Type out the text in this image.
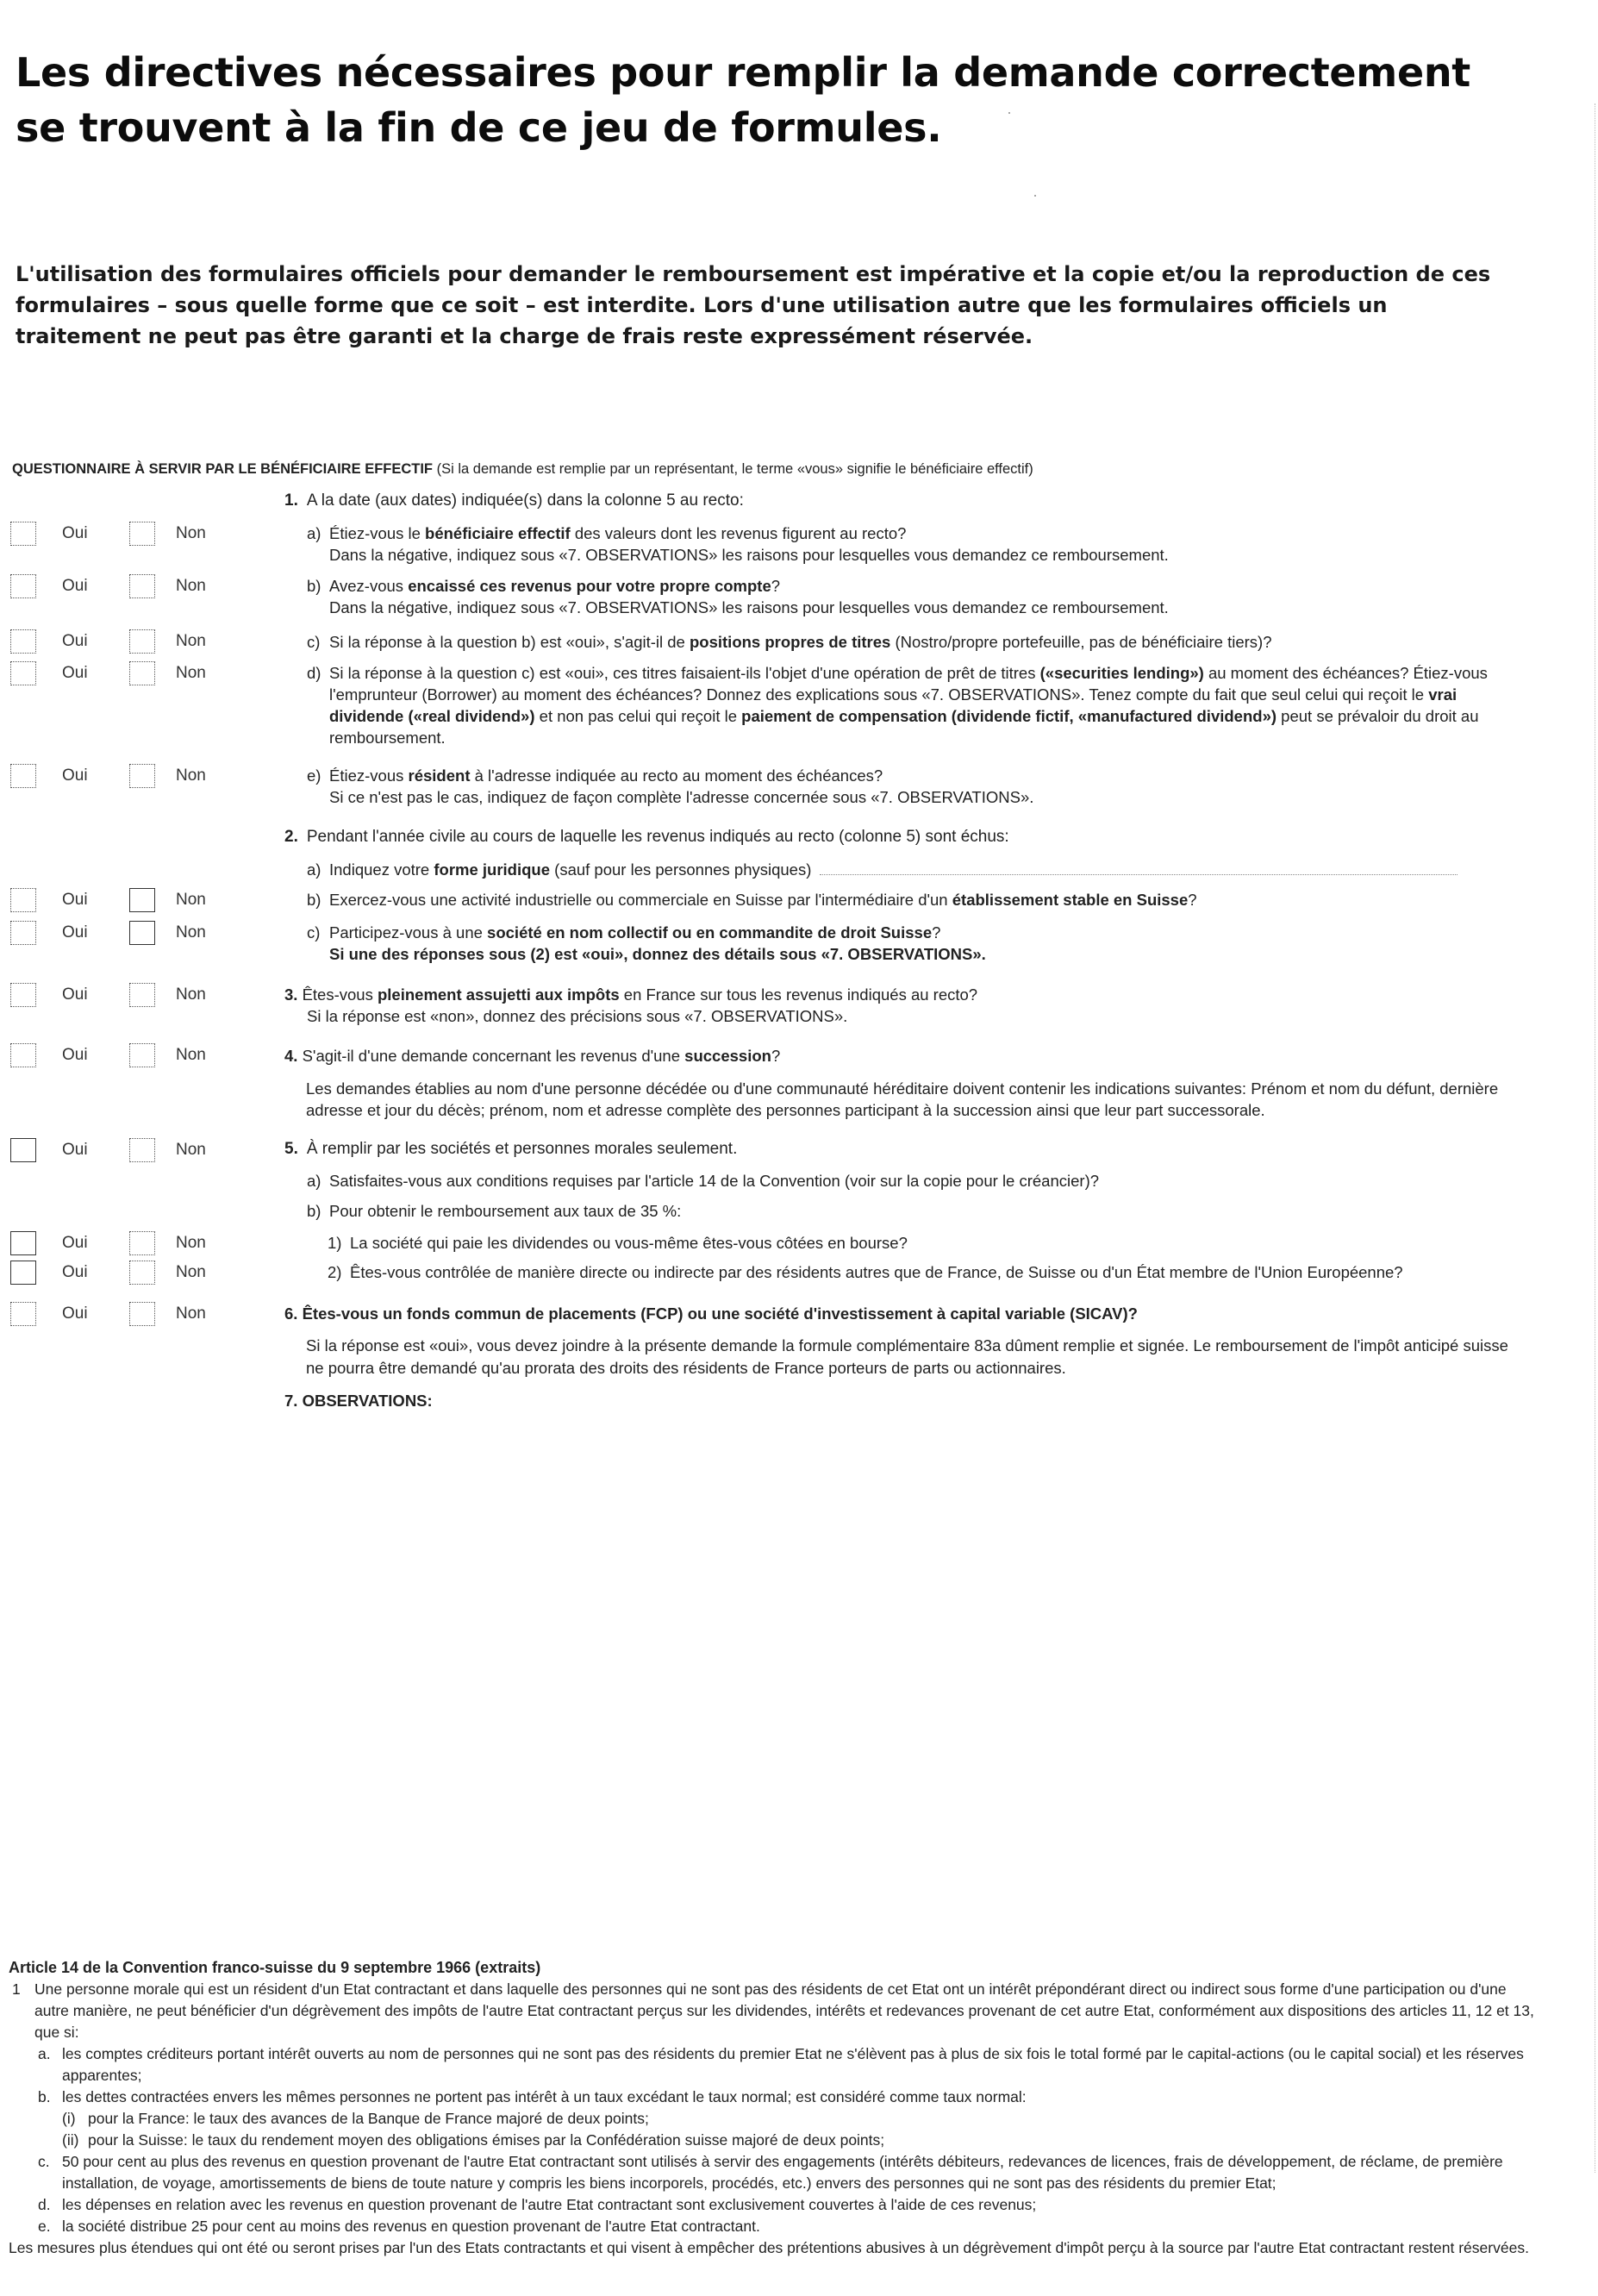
Les directives nécessaires pour remplir la demande correctement
se trouvent à la fin de ce jeu de formules.
L'utilisation des formulaires officiels pour demander le remboursement est impérative et la copie et/ou la reproduction de ces formulaires – sous quelle forme que ce soit – est interdite. Lors d'une utilisation autre que les formulaires officiels un traitement ne peut pas être garanti et la charge de frais reste expressément réservée.
QUESTIONNAIRE À SERVIR PAR LE BÉNÉFICIAIRE EFFECTIF (Si la demande est remplie par un représentant, le terme «vous» signifie le bénéficiaire effectif)
1. A la date (aux dates) indiquée(s) dans la colonne 5 au recto:
Oui	Non	a) Étiez-vous le bénéficiaire effectif des valeurs dont les revenus figurent au recto?
Dans la négative, indiquez sous «7. OBSERVATIONS» les raisons pour lesquelles vous demandez ce remboursement.
Oui	Non	b) Avez-vous encaissé ces revenus pour votre propre compte?
Dans la négative, indiquez sous «7. OBSERVATIONS» les raisons pour lesquelles vous demandez ce remboursement.
Oui	Non	c) Si la réponse à la question b) est «oui», s'agit-il de positions propres de titres (Nostro/propre portefeuille, pas de bénéficiaire tiers)?
Oui	Non	d) Si la réponse à la question c) est «oui», ces titres faisaient-ils l'objet d'une opération de prêt de titres («securities lending») au moment des échéances? Étiez-vous l'emprunteur (Borrower) au moment des échéances? Donnez des explications sous «7. OBSERVATIONS». Tenez compte du fait que seul celui qui reçoit le vrai dividende («real dividend») et non pas celui qui reçoit le paiement de compensation (dividende fictif, «manufactured dividend») peut se prévaloir du droit au remboursement.
Oui	Non	e) Étiez-vous résident à l'adresse indiquée au recto au moment des échéances?
Si ce n'est pas le cas, indiquez de façon complète l'adresse concernée sous «7. OBSERVATIONS».
2. Pendant l'année civile au cours de laquelle les revenus indiqués au recto (colonne 5) sont échus:
a) Indiquez votre forme juridique (sauf pour les personnes physiques)
Oui	Non	b) Exercez-vous une activité industrielle ou commerciale en Suisse par l'intermédiaire d'un établissement stable en Suisse?
Oui	Non	c) Participez-vous à une société en nom collectif ou en commandite de droit Suisse?
Si une des réponses sous (2) est «oui», donnez des détails sous «7. OBSERVATIONS».
Oui	Non	3. Êtes-vous pleinement assujetti aux impôts en France sur tous les revenus indiqués au recto?
Si la réponse est «non», donnez des précisions sous «7. OBSERVATIONS».
Oui	Non	4. S'agit-il d'une demande concernant les revenus d'une succession?
Les demandes établies au nom d'une personne décédée ou d'une communauté héréditaire doivent contenir les indications suivantes: Prénom et nom du défunt, dernière adresse et jour du décès; prénom, nom et adresse complète des personnes participant à la succession ainsi que leur part successorale.
Oui	Non	5. À remplir par les sociétés et personnes morales seulement.
a) Satisfaites-vous aux conditions requises par l'article 14 de la Convention (voir sur la copie pour le créancier)?
b) Pour obtenir le remboursement aux taux de 35 %:
Oui	Non	1) La société qui paie les dividendes ou vous-même êtes-vous côtées en bourse?
Oui	Non	2) Êtes-vous contrôlée de manière directe ou indirecte par des résidents autres que de France, de Suisse ou d'un État membre de l'Union Européenne?
Oui	Non	6. Êtes-vous un fonds commun de placements (FCP) ou une société d'investissement à capital variable (SICAV)?
Si la réponse est «oui», vous devez joindre à la présente demande la formule complémentaire 83a dûment remplie et signée. Le remboursement de l'impôt anticipé suisse ne pourra être demandé qu'au prorata des droits des résidents de France porteurs de parts ou actionnaires.
7. OBSERVATIONS:
Article 14 de la Convention franco-suisse du 9 septembre 1966 (extraits)
1 Une personne morale qui est un résident d'un Etat contractant et dans laquelle des personnes qui ne sont pas des résidents de cet Etat ont un intérêt prépondérant direct ou indirect sous forme d'une participation ou d'une autre manière, ne peut bénéficier d'un dégrèvement des impôts de l'autre Etat contractant perçus sur les dividendes, intérêts et redevances provenant de cet autre Etat, conformément aux dispositions des articles 11, 12 et 13, que si:
a. les comptes créditeurs portant intérêt ouverts au nom de personnes qui ne sont pas des résidents du premier Etat ne s'élèvent pas à plus de six fois le total formé par le capital-actions (ou le capital social) et les réserves apparentes;
b. les dettes contractées envers les mêmes personnes ne portent pas intérêt à un taux excédant le taux normal; est considéré comme taux normal:
(i) pour la France: le taux des avances de la Banque de France majoré de deux points;
(ii) pour la Suisse: le taux du rendement moyen des obligations émises par la Confédération suisse majoré de deux points;
c. 50 pour cent au plus des revenus en question provenant de l'autre Etat contractant sont utilisés à servir des engagements (intérêts débiteurs, redevances de licences, frais de développement, de réclame, de première installation, de voyage, amortissements de biens de toute nature y compris les biens incorporels, procédés, etc.) envers des personnes qui ne sont pas des résidents du premier Etat;
d. les dépenses en relation avec les revenus en question provenant de l'autre Etat contractant sont exclusivement couvertes à l'aide de ces revenus;
e. la société distribue 25 pour cent au moins des revenus en question provenant de l'autre Etat contractant.
Les mesures plus étendues qui ont été ou seront prises par l'un des Etats contractants et qui visent à empêcher des prétentions abusives à un dégrèvement d'impôt perçu à la source par l'autre Etat contractant restent réservées.
